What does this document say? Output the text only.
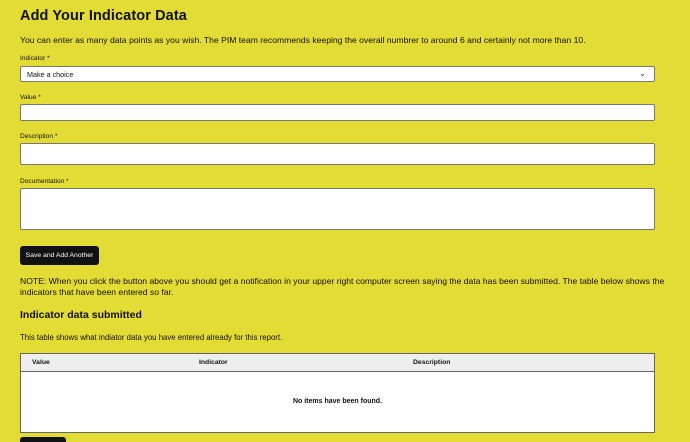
Add Your Indicator Data

You can enter as many data points as you wish. The PIM team recommends keeping the overall numbrer to around 6 and certainly not more than 10.

Indicator *
Make a choice	⌄
Value *
Description *
Documentation *
Save and Add Another

NOTE: When you click the button above you should get a notification in your upper right computer screen saying the data has been submitted. The table below shows the indicators that have been entered so far.

Indicator data submitted

This table shows what indiator data you have entered already for this report.

Value	Indicator	Description
No items have been found.
